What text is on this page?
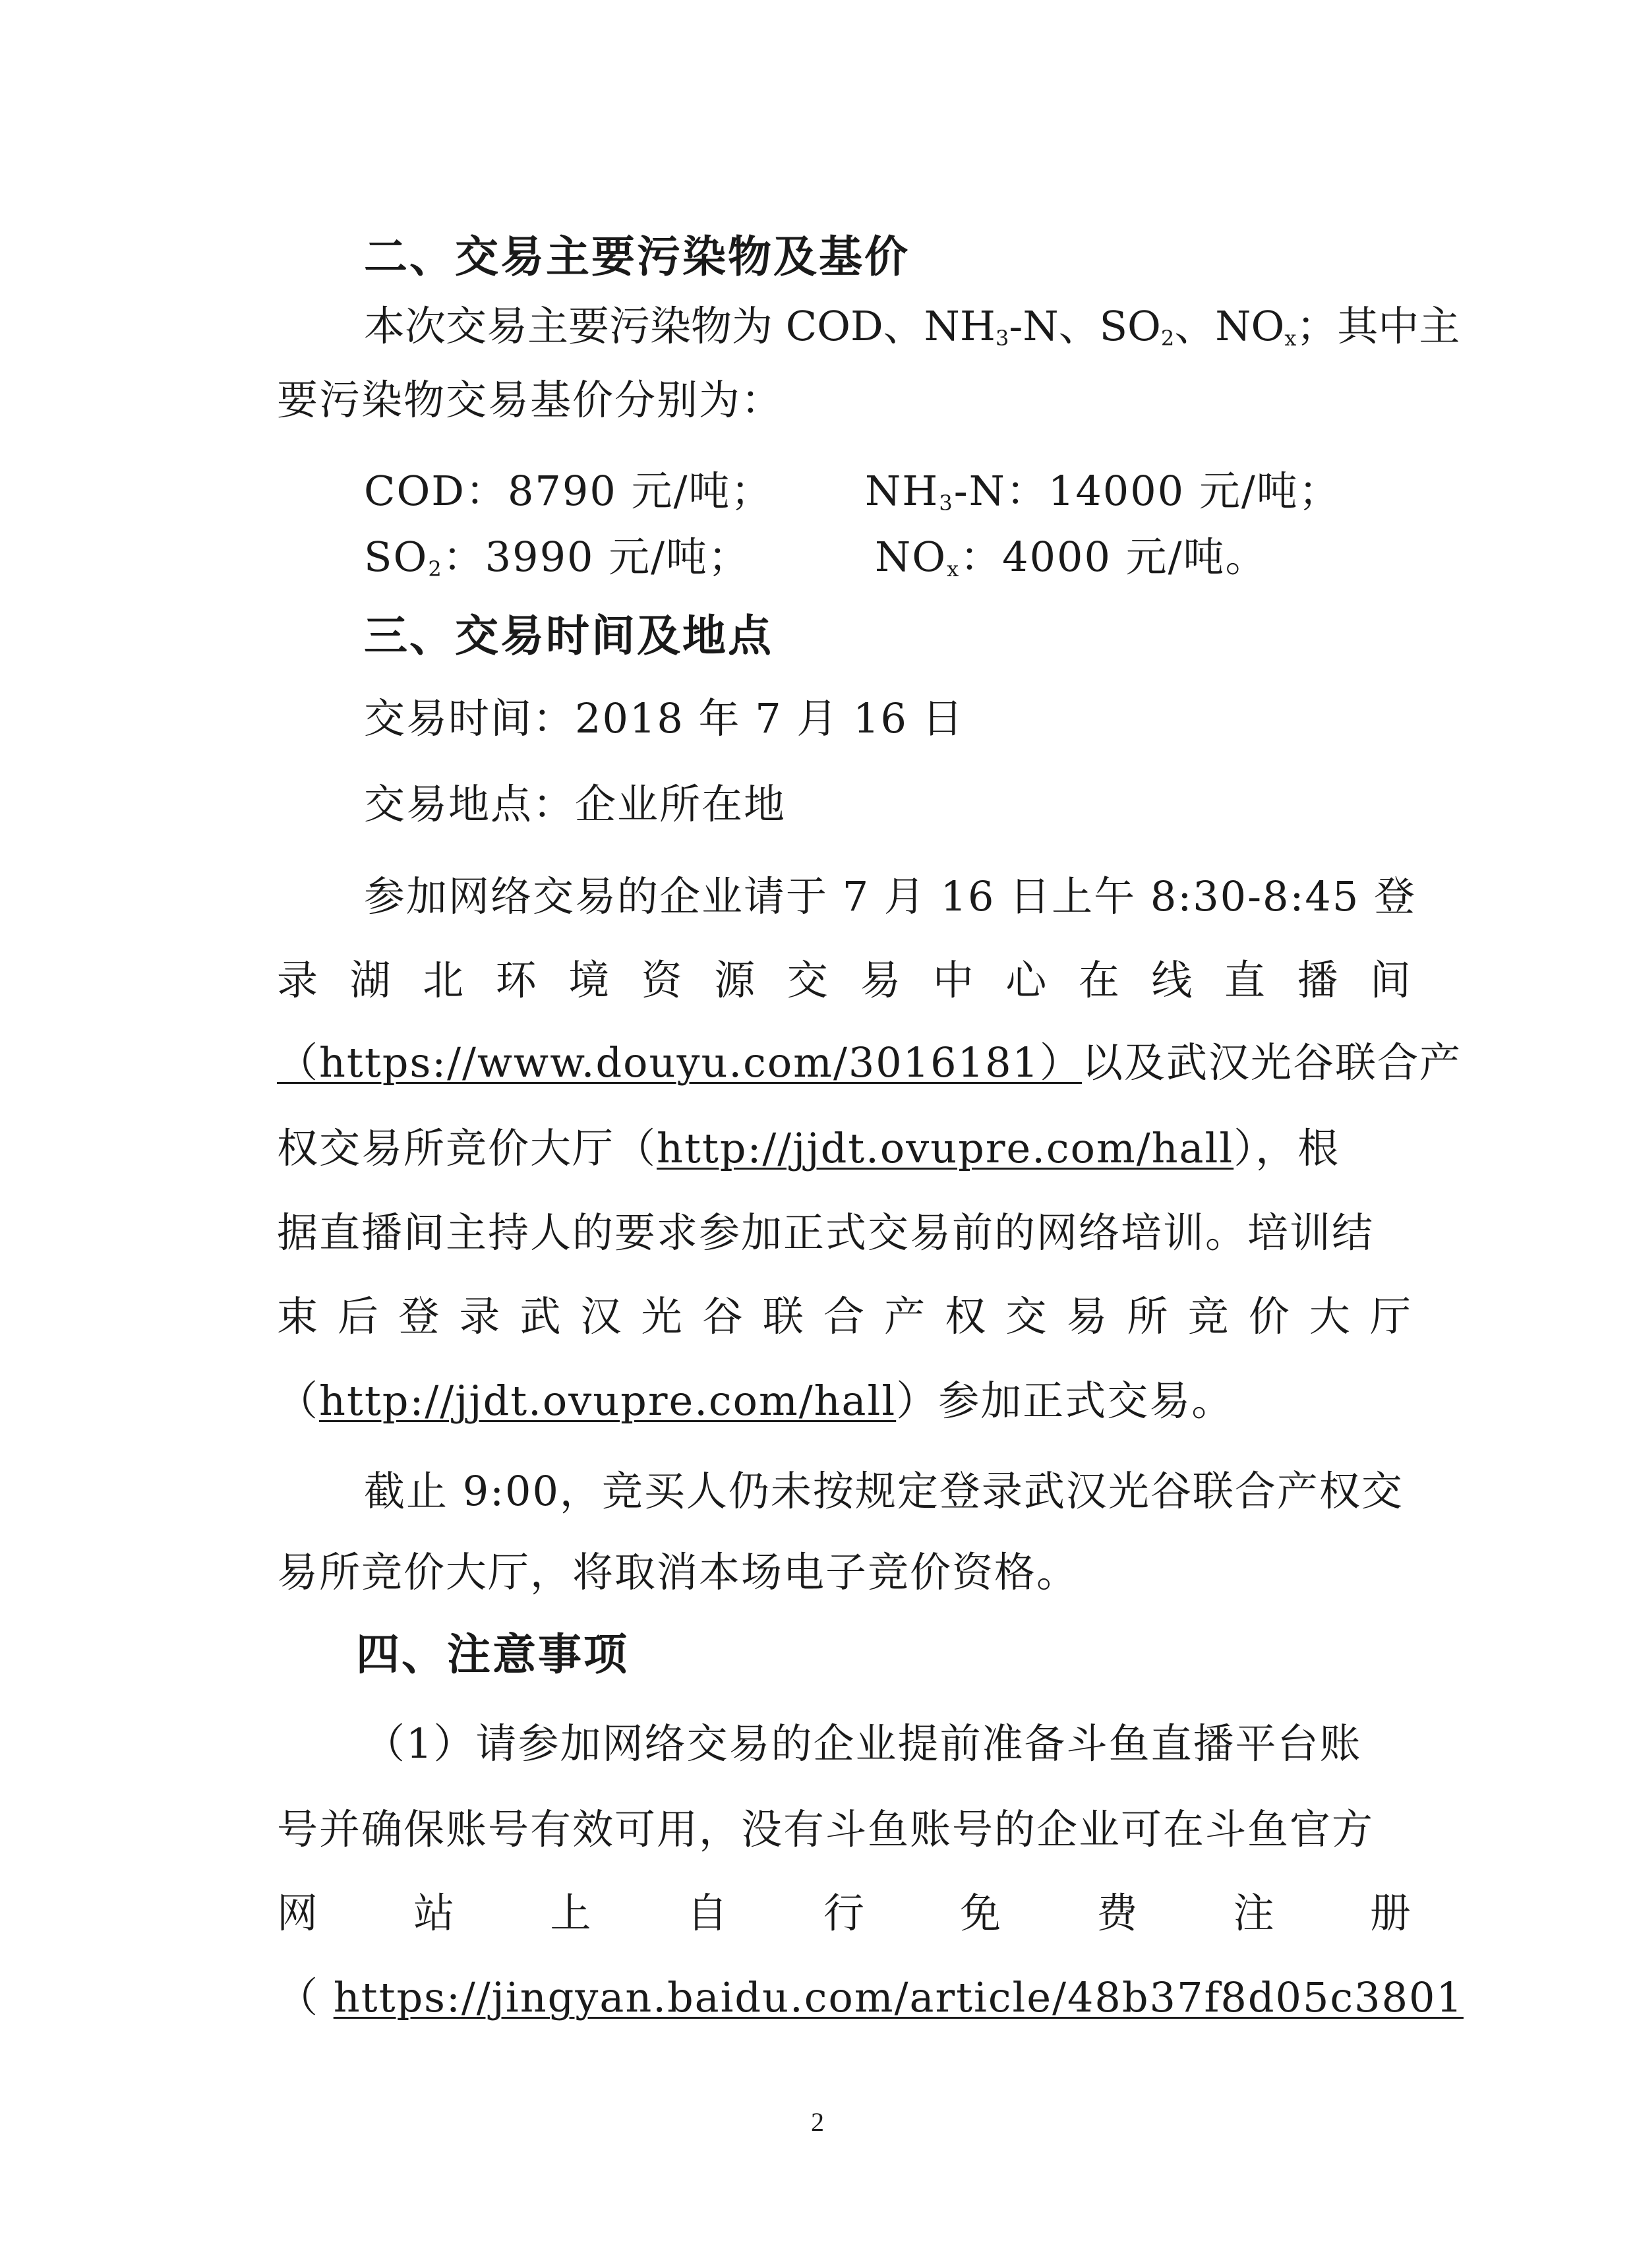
二、交易主要污染物及基价
本次交易主要污染物为 COD、$NH_3-N$、$SO_2$、$NO_x$；其中主
要污染物交易基价分别为：
COD：8790 元/吨； $NH_3-N$：14000 元/吨；
$SO_2$：3990 元/吨；	$NO_x$：4000 元/吨。
三、交易时间及地点
交易时间：2018 年 7 月 16 日
交易地点：企业所在地
参加网络交易的企业请于 7 月 16 日上午 8:30-8:45 登
录 湖 北 环 境 资 源 交 易 中 心 在 线 直 播 间
（https://www.douyu.com/3016181）以及武汉光谷联合产
权交易所竞价大厅（http://jjdt.ovupre.com/hall），根
据直播间主持人的要求参加正式交易前的网络培训。培训结
束 后 登 录 武 汉 光 谷 联 合 产 权 交 易 所 竞 价 大 厅
（http://jjdt.ovupre.com/hall）参加正式交易。
截止 9:00，竞买人仍未按规定登录武汉光谷联合产权交
易所竞价大厅，将取消本场电子竞价资格。
四、注意事项
（1）请参加网络交易的企业提前准备斗鱼直播平台账
号并确保账号有效可用，没有斗鱼账号的企业可在斗鱼官方
网 站 上 自 行 免 费 注 册
（ https://jingyan.baidu.com/article/48b37f8d05c3801
2
